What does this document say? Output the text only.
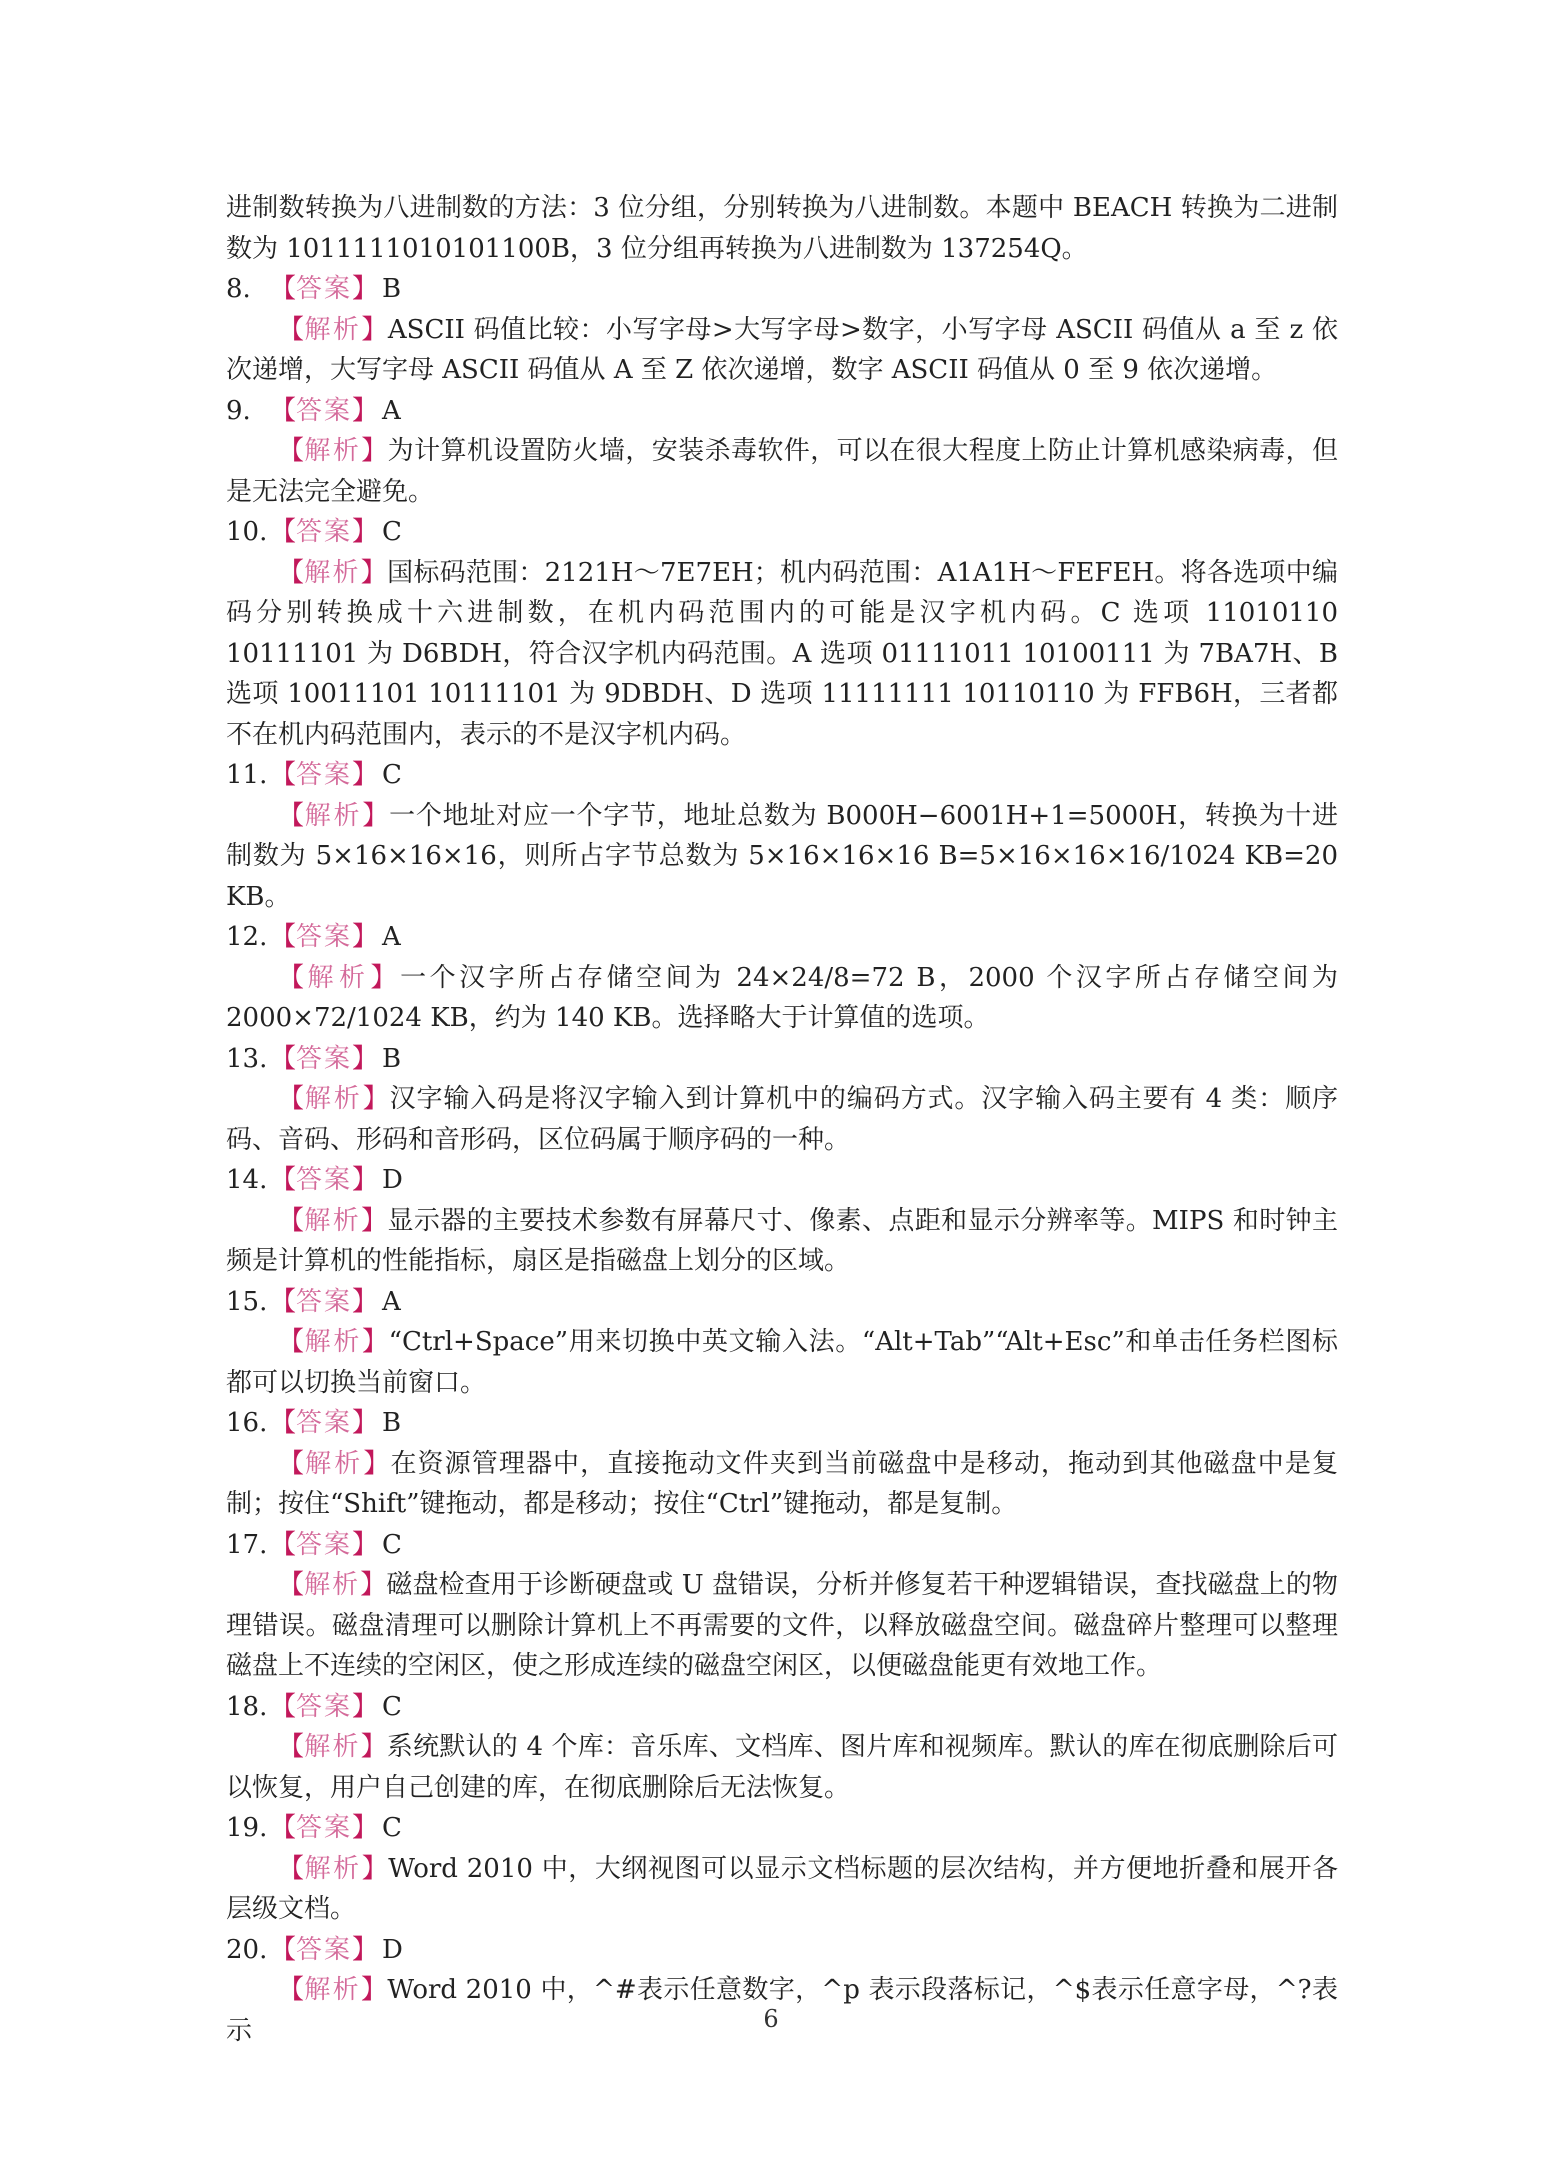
进制数转换为八进制数的方法：3 位分组，分别转换为八进制数。本题中 BEACH 转换为二进制数为 1011111010101100B，3 位分组再转换为八进制数为 137254Q。
8. 【答案】 B
【解析】ASCII 码值比较：小写字母>大写字母>数字，小写字母 ASCII 码值从 a 至 z 依次递增，大写字母 ASCII 码值从 A 至 Z 依次递增，数字 ASCII 码值从 0 至 9 依次递增。
9. 【答案】 A
【解析】为计算机设置防火墙，安装杀毒软件，可以在很大程度上防止计算机感染病毒，但是无法完全避免。
10. 【答案】 C
【解析】国标码范围：2121H～7E7EH；机内码范围：A1A1H～FEFEH。将各选项中编码分别转换成十六进制数，在机内码范围内的可能是汉字机内码。C 选项 11010110 10111101 为 D6BDH，符合汉字机内码范围。A 选项 01111011 10100111 为 7BA7H、B 选项 10011101 10111101 为 9DBDH、D 选项 11111111 10110110 为 FFB6H，三者都不在机内码范围内，表示的不是汉字机内码。
11. 【答案】 C
【解析】一个地址对应一个字节，地址总数为 B000H−6001H+1=5000H，转换为十进制数为 5×16×16×16，则所占字节总数为 5×16×16×16 B=5×16×16×16/1024 KB=20 KB。
12. 【答案】 A
【解析】一个汉字所占存储空间为 24×24/8=72 B，2000 个汉字所占存储空间为 2000×72/1024 KB，约为 140 KB。选择略大于计算值的选项。
13. 【答案】 B
【解析】汉字输入码是将汉字输入到计算机中的编码方式。汉字输入码主要有 4 类：顺序码、音码、形码和音形码，区位码属于顺序码的一种。
14. 【答案】 D
【解析】显示器的主要技术参数有屏幕尺寸、像素、点距和显示分辨率等。MIPS 和时钟主频是计算机的性能指标，扇区是指磁盘上划分的区域。
15. 【答案】 A
【解析】“Ctrl+Space”用来切换中英文输入法。“Alt+Tab”“Alt+Esc”和单击任务栏图标都可以切换当前窗口。
16. 【答案】 B
【解析】在资源管理器中，直接拖动文件夹到当前磁盘中是移动，拖动到其他磁盘中是复制；按住“Shift”键拖动，都是移动；按住“Ctrl”键拖动，都是复制。
17. 【答案】 C
【解析】磁盘检查用于诊断硬盘或 U 盘错误，分析并修复若干种逻辑错误，查找磁盘上的物理错误。磁盘清理可以删除计算机上不再需要的文件，以释放磁盘空间。磁盘碎片整理可以整理磁盘上不连续的空闲区，使之形成连续的磁盘空闲区，以便磁盘能更有效地工作。
18. 【答案】 C
【解析】系统默认的 4 个库：音乐库、文档库、图片库和视频库。默认的库在彻底删除后可以恢复，用户自己创建的库，在彻底删除后无法恢复。
19. 【答案】 C
【解析】Word 2010 中，大纲视图可以显示文档标题的层次结构，并方便地折叠和展开各层级文档。
20. 【答案】 D
【解析】Word 2010 中，^#表示任意数字，^p 表示段落标记，^$表示任意字母，^?表示	6
